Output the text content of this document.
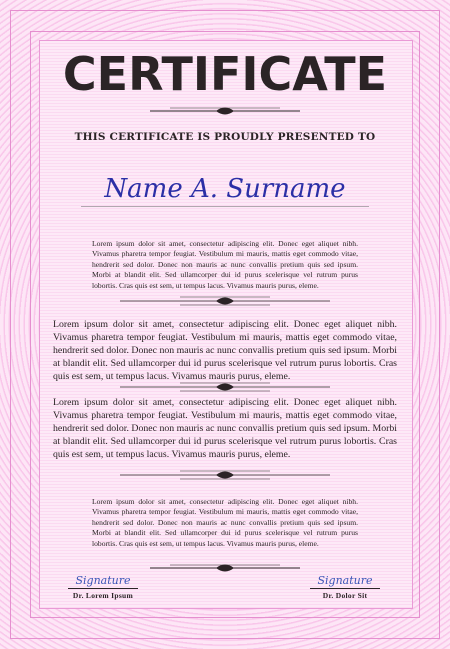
CERTIFICATE
THIS CERTIFICATE IS PROUDLY PRESENTED TO
Name A. Surname

Lorem ipsum dolor sit amet, consectetur adipiscing elit. Donec eget aliquet nibh. Vivamus pharetra tempor feugiat. Vestibulum mi mauris, mattis eget commodo vitae, hendrerit sed dolor. Donec non mauris ac nunc convallis pretium quis sed ipsum. Morbi at blandit elit. Sed ullamcorper dui id purus scelerisque vel rutrum purus lobortis. Cras quis est sem, ut tempus lacus. Vivamus mauris purus, eleme.

Lorem ipsum dolor sit amet, consectetur adipiscing elit. Donec eget aliquet nibh. Vivamus pharetra tempor feugiat. Vestibulum mi mauris, mattis eget commodo vitae, hendrerit sed dolor. Donec non mauris ac nunc convallis pretium quis sed ipsum. Morbi at blandit elit. Sed ullamcorper dui id purus scelerisque vel rutrum purus lobortis. Cras quis est sem, ut tempus lacus. Vivamus mauris purus, eleme.

Lorem ipsum dolor sit amet, consectetur adipiscing elit. Donec eget aliquet nibh. Vivamus pharetra tempor feugiat. Vestibulum mi mauris, mattis eget commodo vitae, hendrerit sed dolor. Donec non mauris ac nunc convallis pretium quis sed ipsum. Morbi at blandit elit. Sed ullamcorper dui id purus scelerisque vel rutrum purus lobortis. Cras quis est sem, ut tempus lacus. Vivamus mauris purus, eleme.

Lorem ipsum dolor sit amet, consectetur adipiscing elit. Donec eget aliquet nibh. Vivamus pharetra tempor feugiat. Vestibulum mi mauris, mattis eget commodo vitae, hendrerit sed dolor. Donec non mauris ac nunc convallis pretium quis sed ipsum. Morbi at blandit elit. Sed ullamcorper dui id purus scelerisque vel rutrum purus lobortis. Cras quis est sem, ut tempus lacus. Vivamus mauris purus, eleme.

Signature
Dr. Lorem Ipsum
Signature
Dr. Dolor Sit
